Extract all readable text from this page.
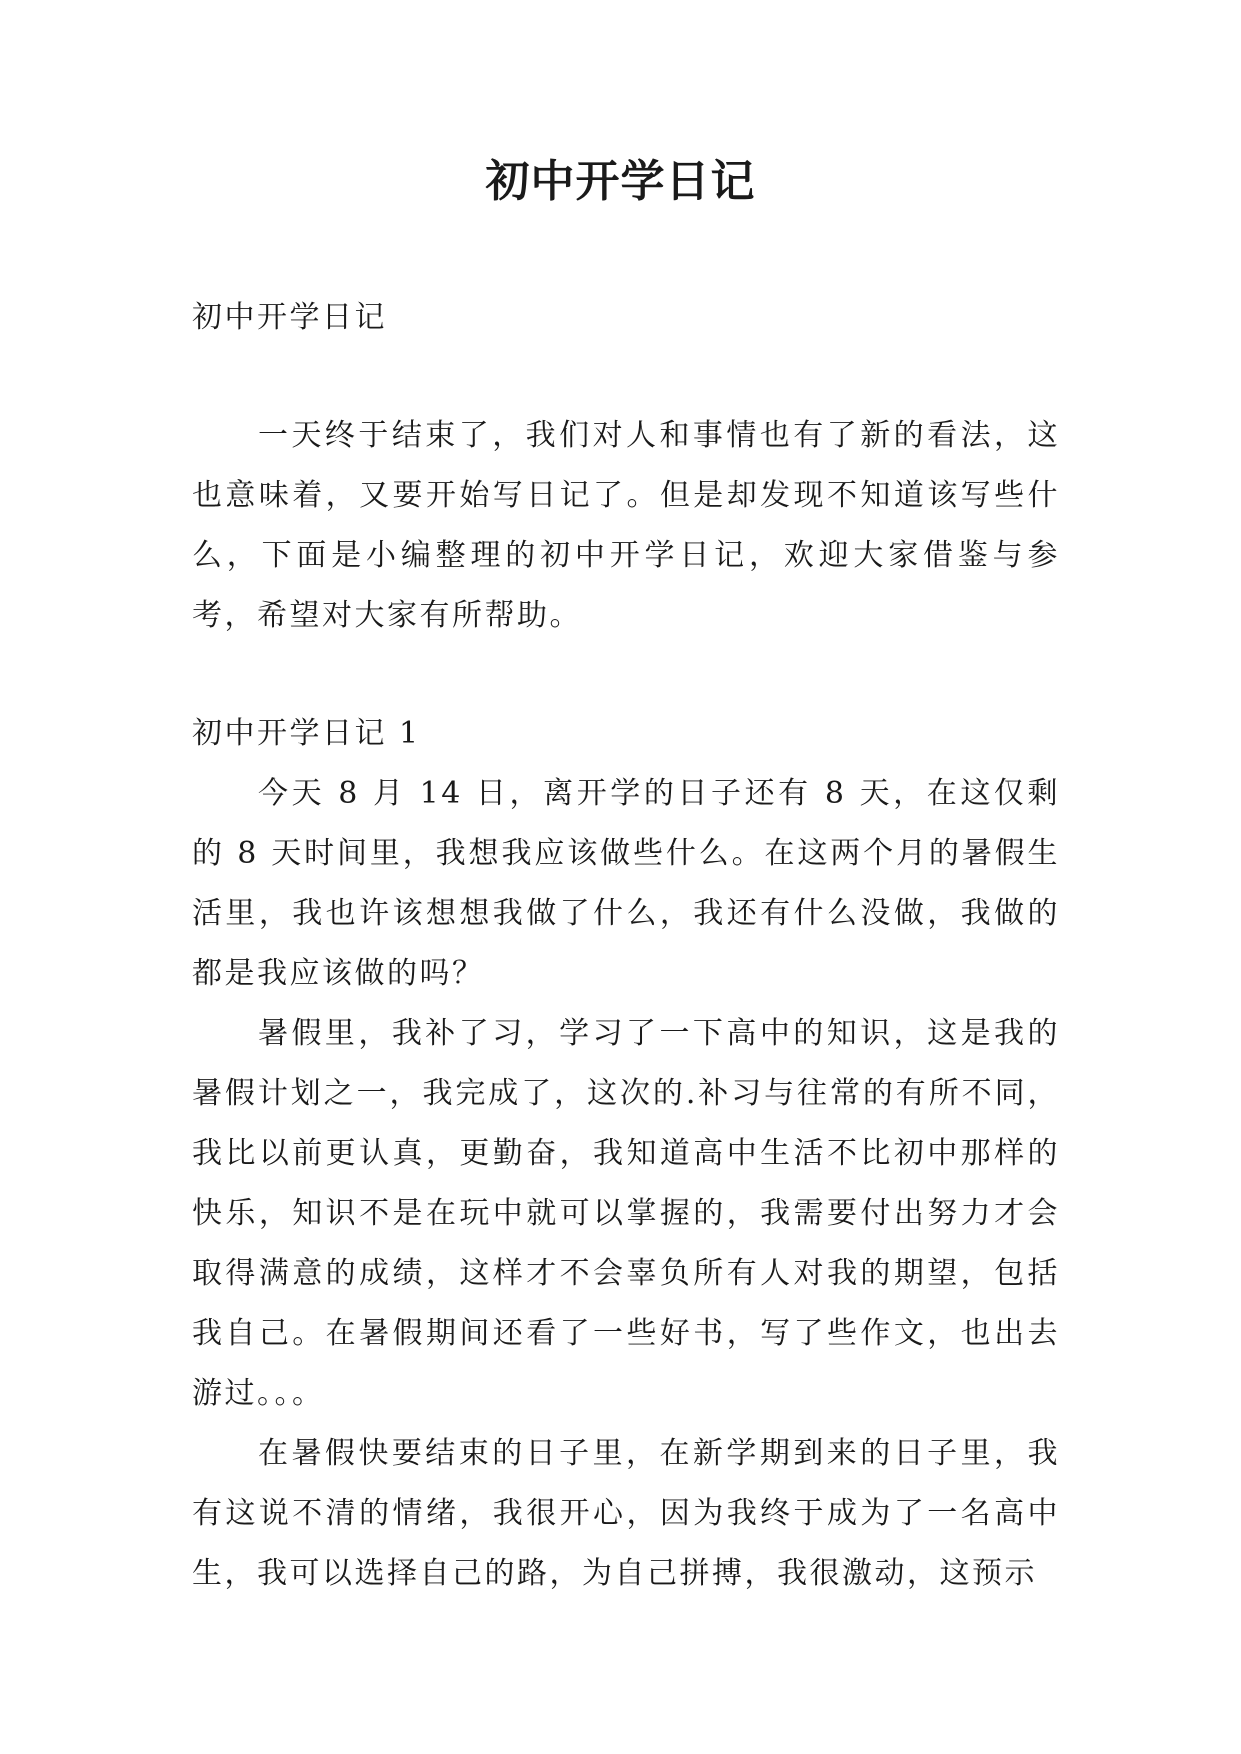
初中开学日记

初中开学日记

一天终于结束了，我们对人和事情也有了新的看法，这也意味着，又要开始写日记了。但是却发现不知道该写些什么，下面是小编整理的初中开学日记，欢迎大家借鉴与参考，希望对大家有所帮助。

初中开学日记 1

今天 8 月 14 日，离开学的日子还有 8 天，在这仅剩的 8 天时间里，我想我应该做些什么。在这两个月的暑假生活里，我也许该想想我做了什么，我还有什么没做，我做的都是我应该做的吗？

暑假里，我补了习，学习了一下高中的知识，这是我的暑假计划之一，我完成了，这次的.补习与往常的有所不同，我比以前更认真，更勤奋，我知道高中生活不比初中那样的快乐，知识不是在玩中就可以掌握的，我需要付出努力才会取得满意的成绩，这样才不会辜负所有人对我的期望，包括我自己。在暑假期间还看了一些好书，写了些作文，也出去游过。。。

在暑假快要结束的日子里，在新学期到来的日子里，我有这说不清的情绪，我很开心，因为我终于成为了一名高中生，我可以选择自己的路，为自己拼搏，我很激动，这预示
